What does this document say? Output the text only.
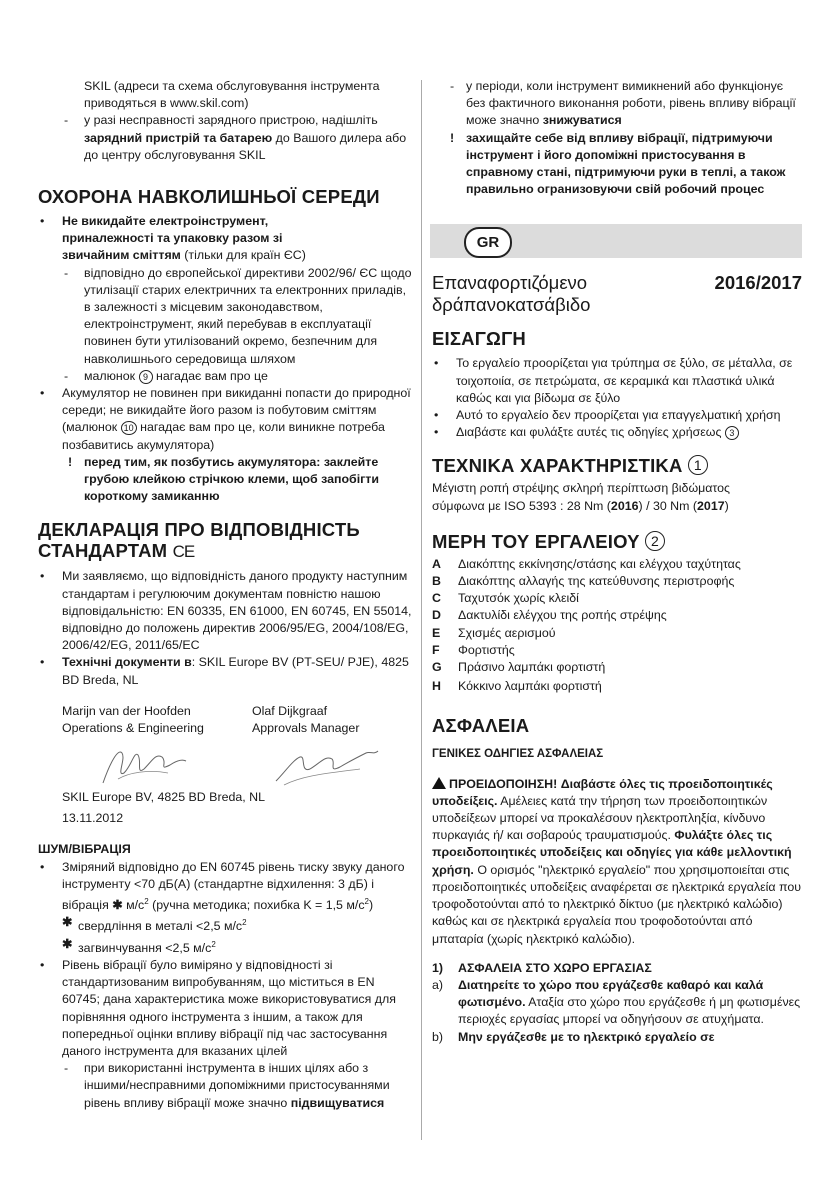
SKIL (адреси та схема обслуговування інструмента
приводяться в www.skil.com)
- у разі несправності зарядного пристрою, надішліть зарядний пристрій та батарею до Вашого дилера або до центру обслуговування SKIL
ОХОРОНА НАВКОЛИШНЬОЇ СЕРЕДИ
• Не викидайте електроінструмент,
приналежності та упаковку разом зі
звичайним сміттям (тільки для країн ЄС)
- відповідно до європейської директиви 2002/96/ ЄС щодо утилізації старих електричних та електронних приладів, в залежності з місцевим законодавством, електроінструмент, який перебував в експлуатації повинен бути утилізований окремо, безпечним для навколишнього середовища шляхом
- малюнок 9 нагадає вам про це
• Акумулятор не повинен при викиданні попасти до природної середи; не викидайте його разом із побутовим сміттям (малюнок 10 нагадає вам про це, коли виникне потреба позбавитись акумулятора)
! перед тим, як позбутись акумулятора: заклейте грубою клейкою стрічкою клеми, щоб запобігти короткому замиканню
ДЕКЛАРАЦІЯ ПРО ВІДПОВІДНІСТЬ
СТАНДАРТАМ CE
• Ми заявляємо, що відповідність даного продукту наступним стандартам і регулюючим документам повністю нашою відповідальністю: EN 60335, EN 61000, EN 60745, EN 55014, відповідно до положень директив 2006/95/EG, 2004/108/EG, 2006/42/EG, 2011/65/EC
• Технічні документи в: SKIL Europe BV (PT-SEU/ PJE), 4825 BD Breda, NL
Marijn van der Hoofden
Operations & Engineering
Olaf Dijkgraaf
Approvals Manager
SKIL Europe BV, 4825 BD Breda, NL
13.11.2012
ШУМ/ВІБРАЦІЯ
• Зміряний відповідно до EN 60745 рівень тиску звуку даного інструменту <70 дБ(А) (стандартне відхилення: 3 дБ) і вібрація ✱ $м/с^2$ (ручна методика; похибка K = 1,5 $м/с^2$)
✱ свердління в металі <2,5 $м/с^2$
✱ загвинчування <2,5 $м/с^2$
• Рівень вібрації було виміряно у відповідності зі стандартизованим випробуванням, що міститься в EN 60745; дана характеристика може використовуватися для порівняння одного інструмента з іншим, а також для попередньої оцінки впливу вібрації під час застосування даного інструмента для вказаних цілей
- при використанні інструмента в інших цілях або з іншими/несправними допоміжними пристосуваннями рівень впливу вібрації може значно підвищуватися
- у періоди, коли інструмент вимикнений або функціонує без фактичного виконання роботи, рівень впливу вібрації може значно знижуватися
! захищайте себе від впливу вібрації, підтримуючи інструмент і його допоміжні пристосування в справному стані, підтримуючи руки в теплі, а також правильно огранизовуючи свій робочий процес
GR
Επαναφορτιζόμενο
δράπανοκατσάβιδο
2016/2017
ΕΙΣΑΓΩΓΗ
• Το εργαλείο προορίζεται για τρύπημα σε ξύλο, σε μέταλλα, σε τοιχοποιία, σε πετρώματα, σε κεραμικά και πλαστικά υλικά καθώς και για βίδωμα σε ξύλο
• Αυτό το εργαλείο δεν προορίζεται για επαγγελματική χρήση
• Διαβάστε και φυλάξτε αυτές τις οδηγίες χρήσεως 3
ΤΕΧΝΙΚΑ ΧΑΡΑΚΤΗΡΙΣΤΙΚΑ 1
Μέγιστη ροπή στρέψης σκληρή περίπτωση βιδώματος
σύμφωνα με ISO 5393 : 28 Nm (2016) / 30 Nm (2017)
ΜΕΡΗ ΤΟΥ ΕΡΓΑΛΕΙΟΥ 2
A Διακόπτης εκκίνησης/στάσης και ελέγχου ταχύτητας
B Διακόπτης αλλαγής της κατεύθυνσης περιστροφής
C Ταχυτσόκ χωρίς κλειδί
D Δακτυλίδι ελέγχου της ροπής στρέψης
E Σχισμές αερισμού
F Φορτιστής
G Πράσινο λαμπάκι φορτιστή
H Κόκκινο λαμπάκι φορτιστή
ΑΣΦΑΛΕΙΑ
ΓΕΝΙΚΕΣ ΟΔΗΓΙΕΣ ΑΣΦΑΛΕΙΑΣ
ΠΡΟΕΙΔΟΠΟΙΗΣΗ! Διαβάστε όλες τις προειδοποιητικές υποδείξεις. Αμέλειες κατά την τήρηση των προειδοποιητικών υποδείξεων μπορεί να προκαλέσουν ηλεκτροπληξία, κίνδυνο πυρκαγιάς ή/ και σοβαρούς τραυματισμούς. Φυλάξτε όλες τις προειδοποιητικές υποδείξεις και οδηγίες για κάθε μελλοντική χρήση. Ο ορισμός "ηλεκτρικό εργαλείο" που χρησιμοποιείται στις προειδοποιητικές υποδείξεις αναφέρεται σε ηλεκτρικά εργαλεία που τροφοδοτούνται από το ηλεκτρικό δίκτυο (με ηλεκτρικό καλώδιο) καθώς και σε ηλεκτρικά εργαλεία που τροφοδοτούνται από μπαταρία (χωρίς ηλεκτρικό καλώδιο).
1) ΑΣΦΑΛΕΙΑ ΣΤΟ ΧΩΡΟ ΕΡΓΑΣΙΑΣ
a) Διατηρείτε το χώρο που εργάζεσθε καθαρό και καλά φωτισμένο. Αταξία στο χώρο που εργάζεσθε ή μη φωτισμένες περιοχές εργασίας μπορεί να οδηγήσουν σε ατυχήματα.
b) Μην εργάζεσθε με το ηλεκτρικό εργαλείο σε
